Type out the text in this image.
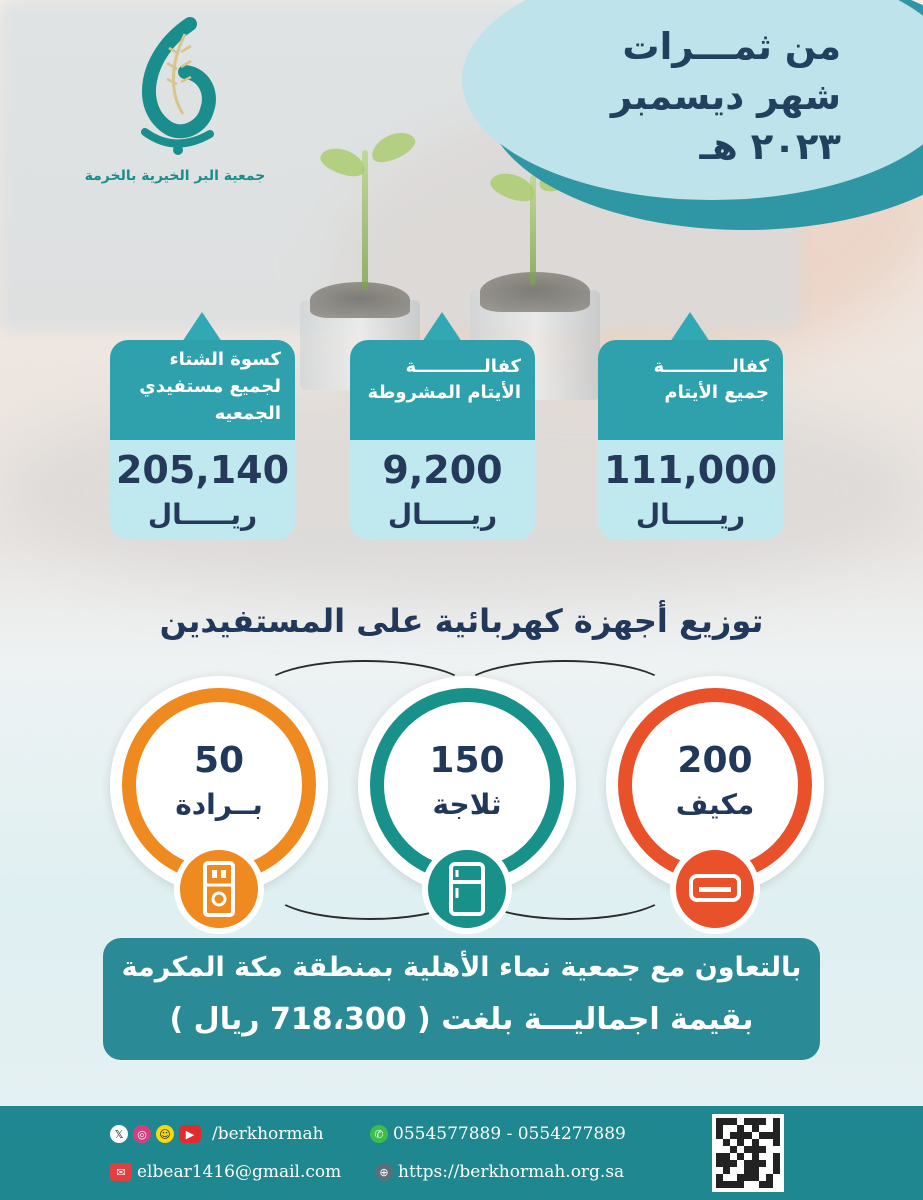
جمعية البر الخيرية بالخرمة
من ثمـــرات
شهر ديسمبر
٢٠٢٣ هـ
كفالـــــــــــة
جميع الأيتام
111,000
ريـــــال
كفالـــــــــــة
الأيتام المشروطة
9,200
ريـــــال
كسوة الشتاء
لجميع مستفيدي
الجمعيه
205,140
ريـــــال
توزيع أجهزة كهربائية على المستفيدين
200
مكيف
150
ثلاجة
50
بــرادة
بالتعاون مع جمعية نماء الأهلية بمنطقة مكة المكرمة
بقيمة اجماليـــة بلغت ( 718،300 ريال )
𝕏	◎	☺	▶	/berkhormah	✆ 0554577889 - 0554277889
✉ elbear1416@gmail.com	⊕ https://berkhormah.org.sa
